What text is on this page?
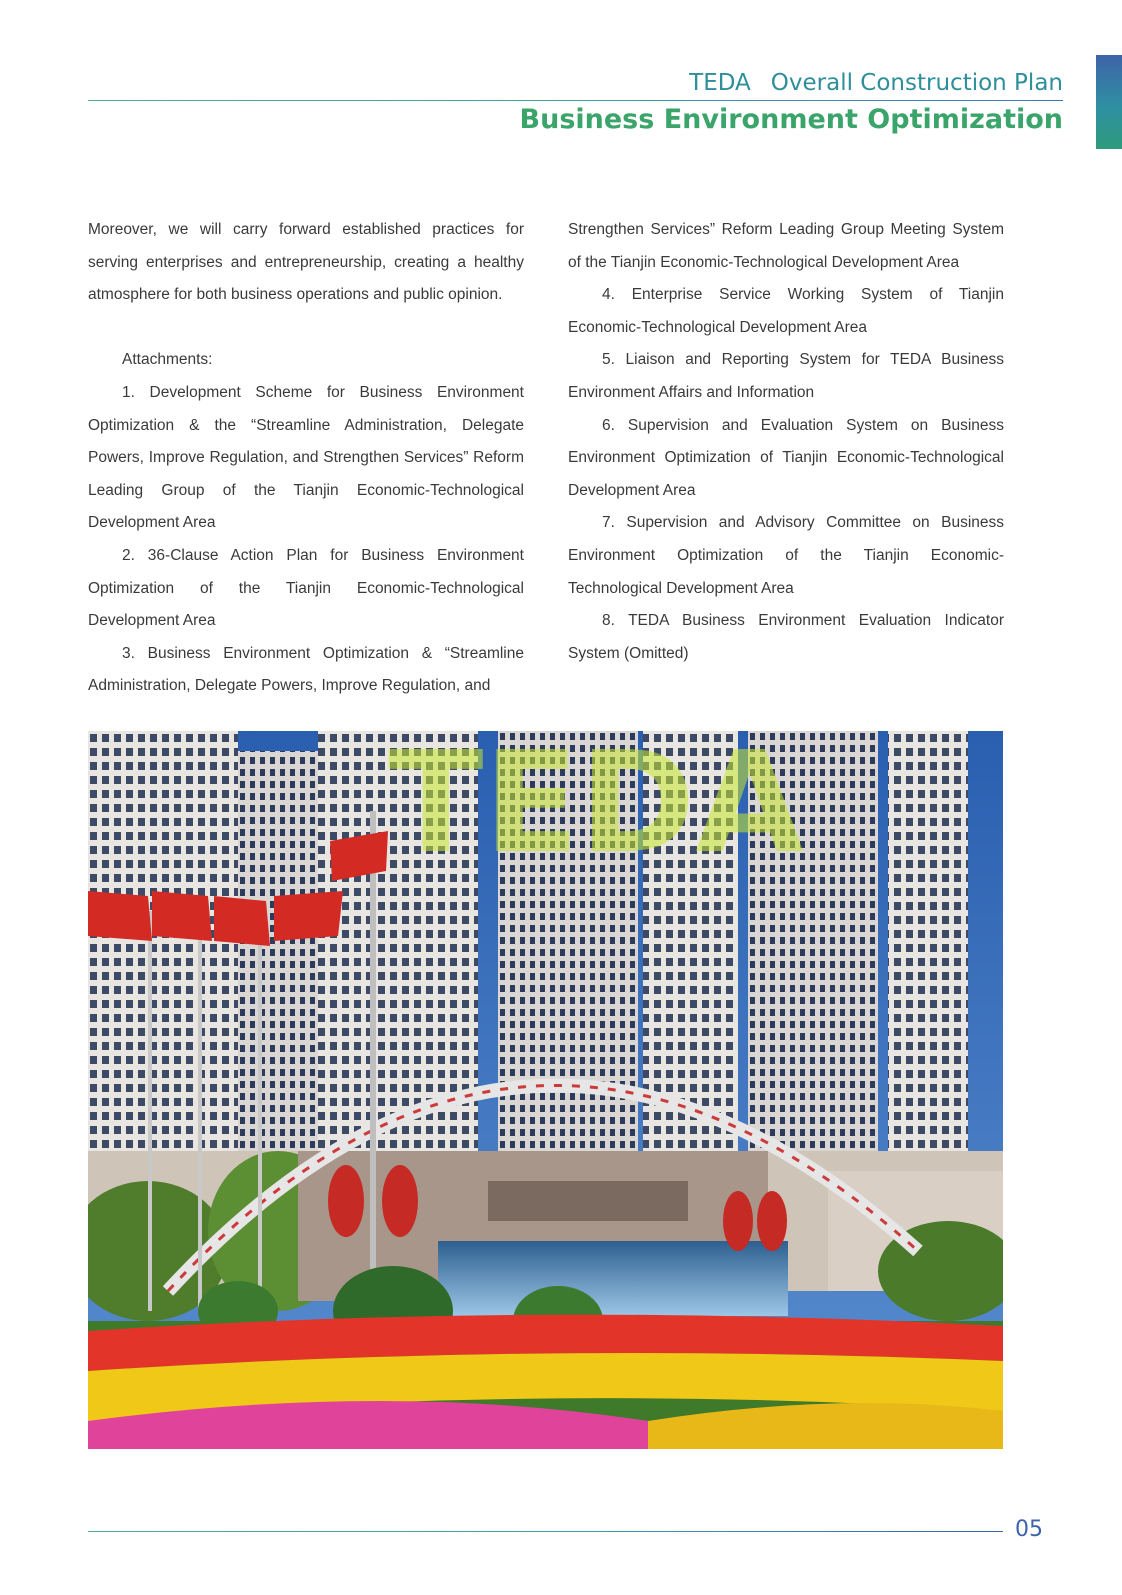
TEDA Overall Construction Plan
Business Environment Optimization

Moreover, we will carry forward established practices for serving enterprises and entrepreneurship, creating a healthy atmosphere for both business operations and public opinion.

Attachments:

1. Development Scheme for Business Environment Optimization & the “Streamline Administration, Delegate Powers, Improve Regulation, and Strengthen Services” Reform Leading Group of the Tianjin Economic-Technological Development Area

2. 36-Clause Action Plan for Business Environment Optimization of the Tianjin Economic-Technological Development Area

3. Business Environment Optimization & “Streamline Administration, Delegate Powers, Improve Regulation, and

Strengthen Services” Reform Leading Group Meeting System of the Tianjin Economic-Technological Development Area

4. Enterprise Service Working System of Tianjin Economic-Technological Development Area

5. Liaison and Reporting System for TEDA Business Environment Affairs and Information

6. Supervision and Evaluation System on Business Environment Optimization of Tianjin Economic-Technological Development Area

7. Supervision and Advisory Committee on Business Environment Optimization of the Tianjin Economic-Technological Development Area

8. TEDA Business Environment Evaluation Indicator System (Omitted)

TEDA
05
